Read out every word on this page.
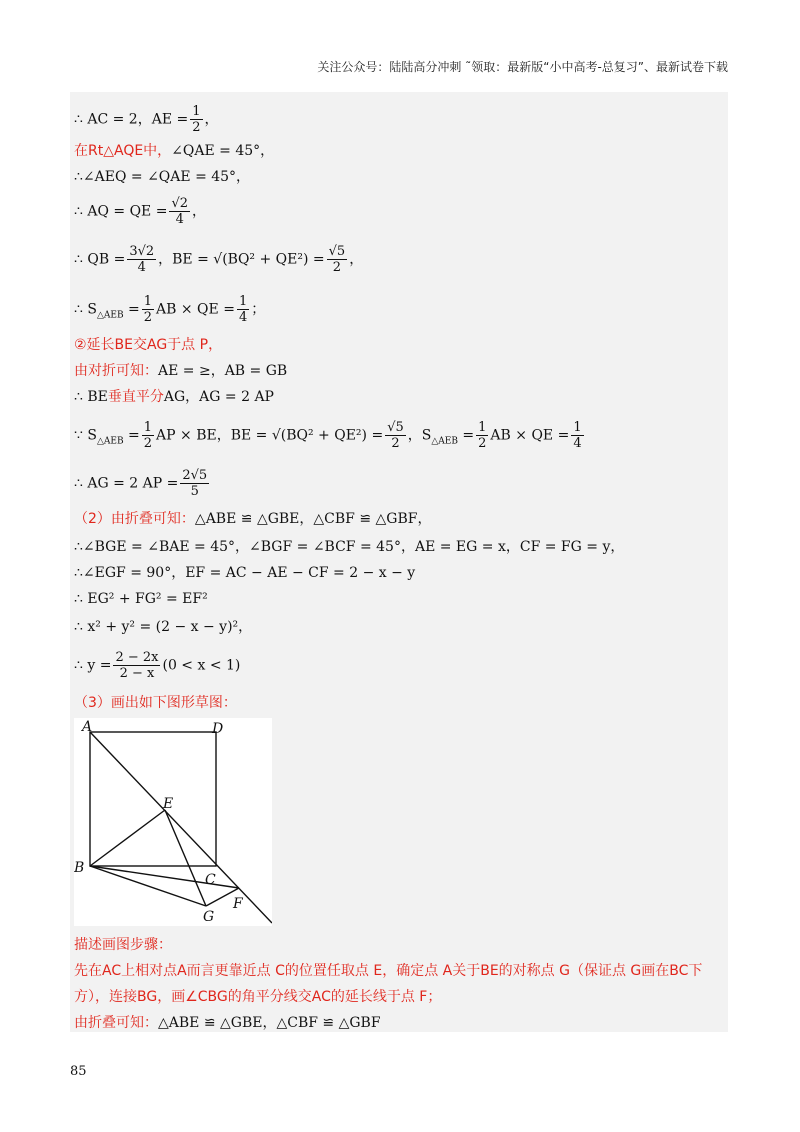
关注公众号：陆陆高分冲刺 ˜领取：最新版“小中高考-总复习”、最新试卷下载
∴ AC = 2，AE = $\frac{1}{2}$ ，
在Rt△AQE中，∠QAE = 45°，
∴∠AEQ = ∠QAE = 45°，
∴ AQ = QE = $\frac{√2}{4}$ ，
∴ QB = $\frac{3√2}{4}$ ，BE = $√(BQ^2 + QE^2) = \frac{√5}{2}$ ，
∴ $S_{\triangle AEB} = \frac{1}{2}$ AB × QE = $\frac{1}{4}$ ；
②延长BE交AG于点 P，
由对折可知：AE = ≥，AB = GB
∴ BE垂直平分AG，AG = 2 AP
∵ $S_{\triangle AEB} = \frac{1}{2}$ AP × BE，BE = $√(BQ^2 + QE^2) = \frac{√5}{2}$ ，$S_{\triangle AEB} = \frac{1}{2}$ AB × QE = $\frac{1}{4}$
∴ AG = 2 AP = $\frac{2√5}{5}$
（2）由折叠可知：△ABE ≌ △GBE，△CBF ≌ △GBF，
∴∠BGE = ∠BAE = 45°，∠BGF = ∠BCF = 45°，AE = EG = x，CF = FG = y，
∴∠EGF = 90°，EF = AC − AE − CF = 2 − x − y
∴ EG² + FG² = EF²
∴ x² + y² = (2 − x − y)²，
∴ $y = \frac{2 - 2x}{2 - x} (0 < x < 1)$
（3）画出如下图形草图：
描述画图步骤：
先在AC上相对点A而言更靠近点 C的位置任取点 E，确定点 A关于BE的对称点 G（保证点 G画在BC下
方），连接BG，画∠CBG的角平分线交AC的延长线于点 F；
由折叠可知：△ABE ≌ △GBE，△CBF ≌ △GBF
A	D
E
B
C
F
G
85
